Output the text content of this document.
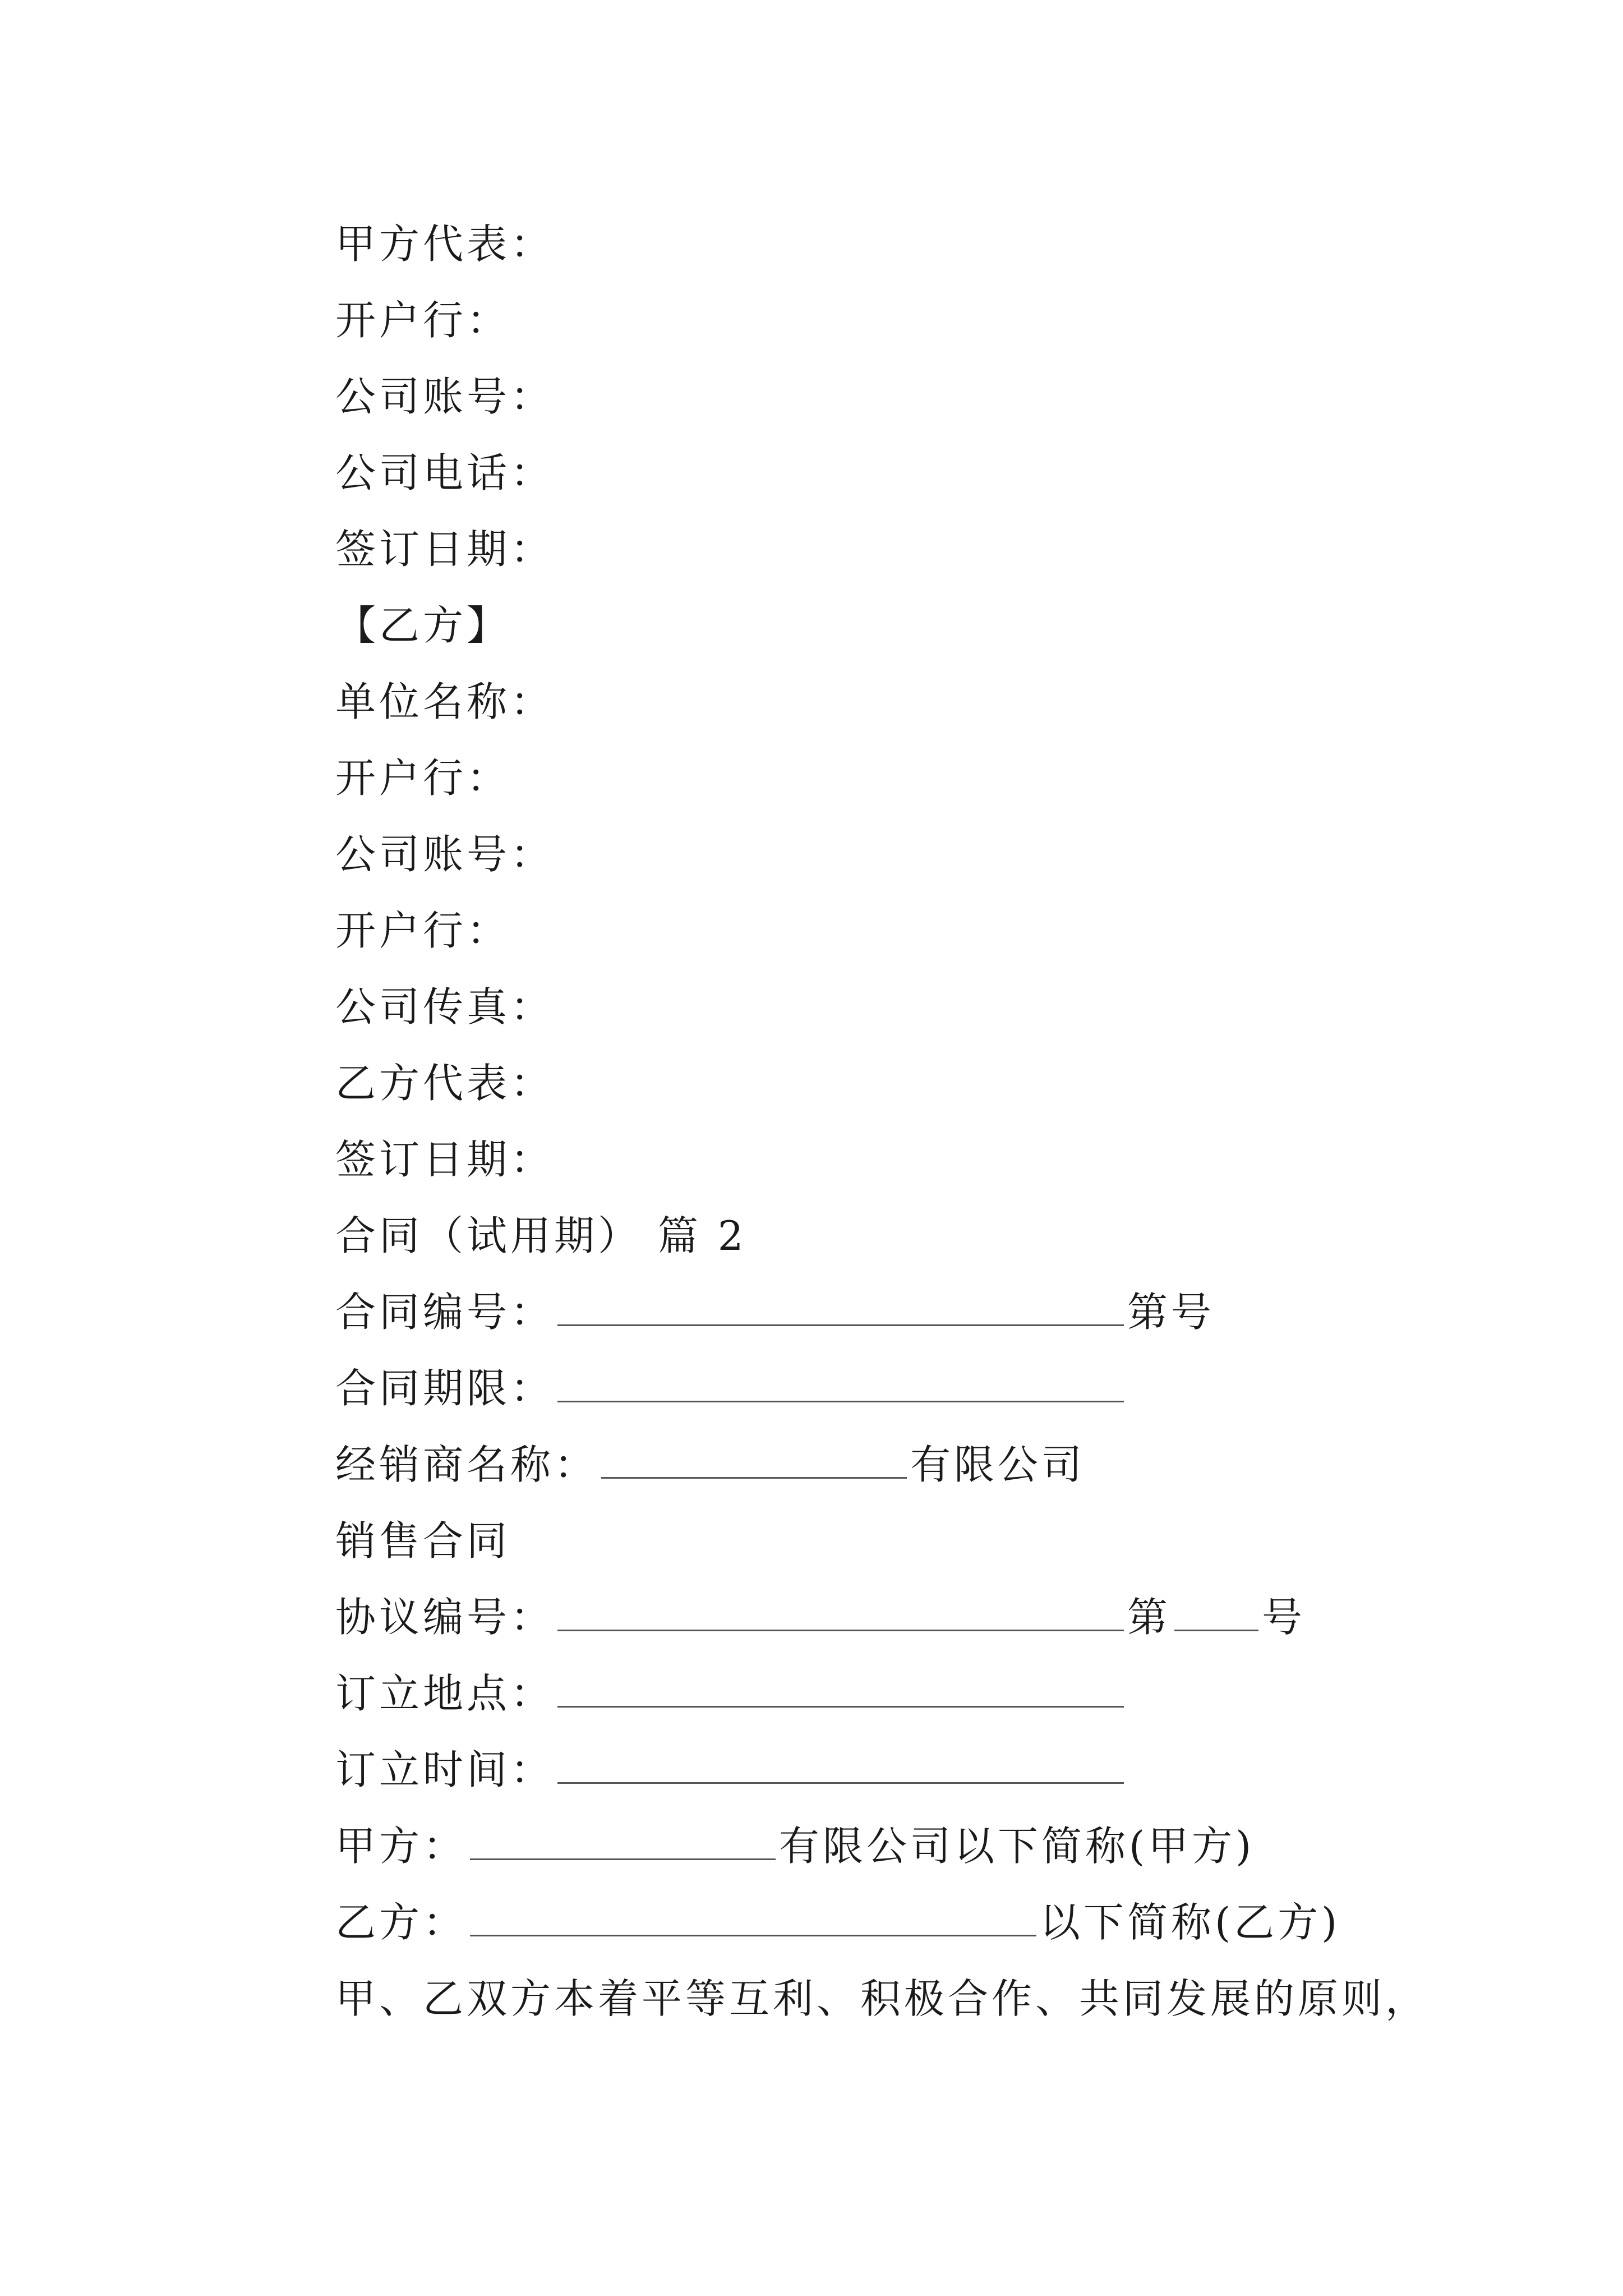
甲方代表：
开户行：
公司账号：
公司电话：
签订日期：
【乙方】
单位名称：
开户行：
公司账号：
开户行：
公司传真：
乙方代表：
签订日期：
合同（试用期） 篇 2
合同编号：	第号
合同期限：
经销商名称：	有限公司
销售合同
协议编号：	第 号
订立地点：
订立时间：
甲方：	有限公司以下简称(甲方)
乙方：	以下简称(乙方)
甲、乙双方本着平等互利、积极合作、共同发展的原则，
